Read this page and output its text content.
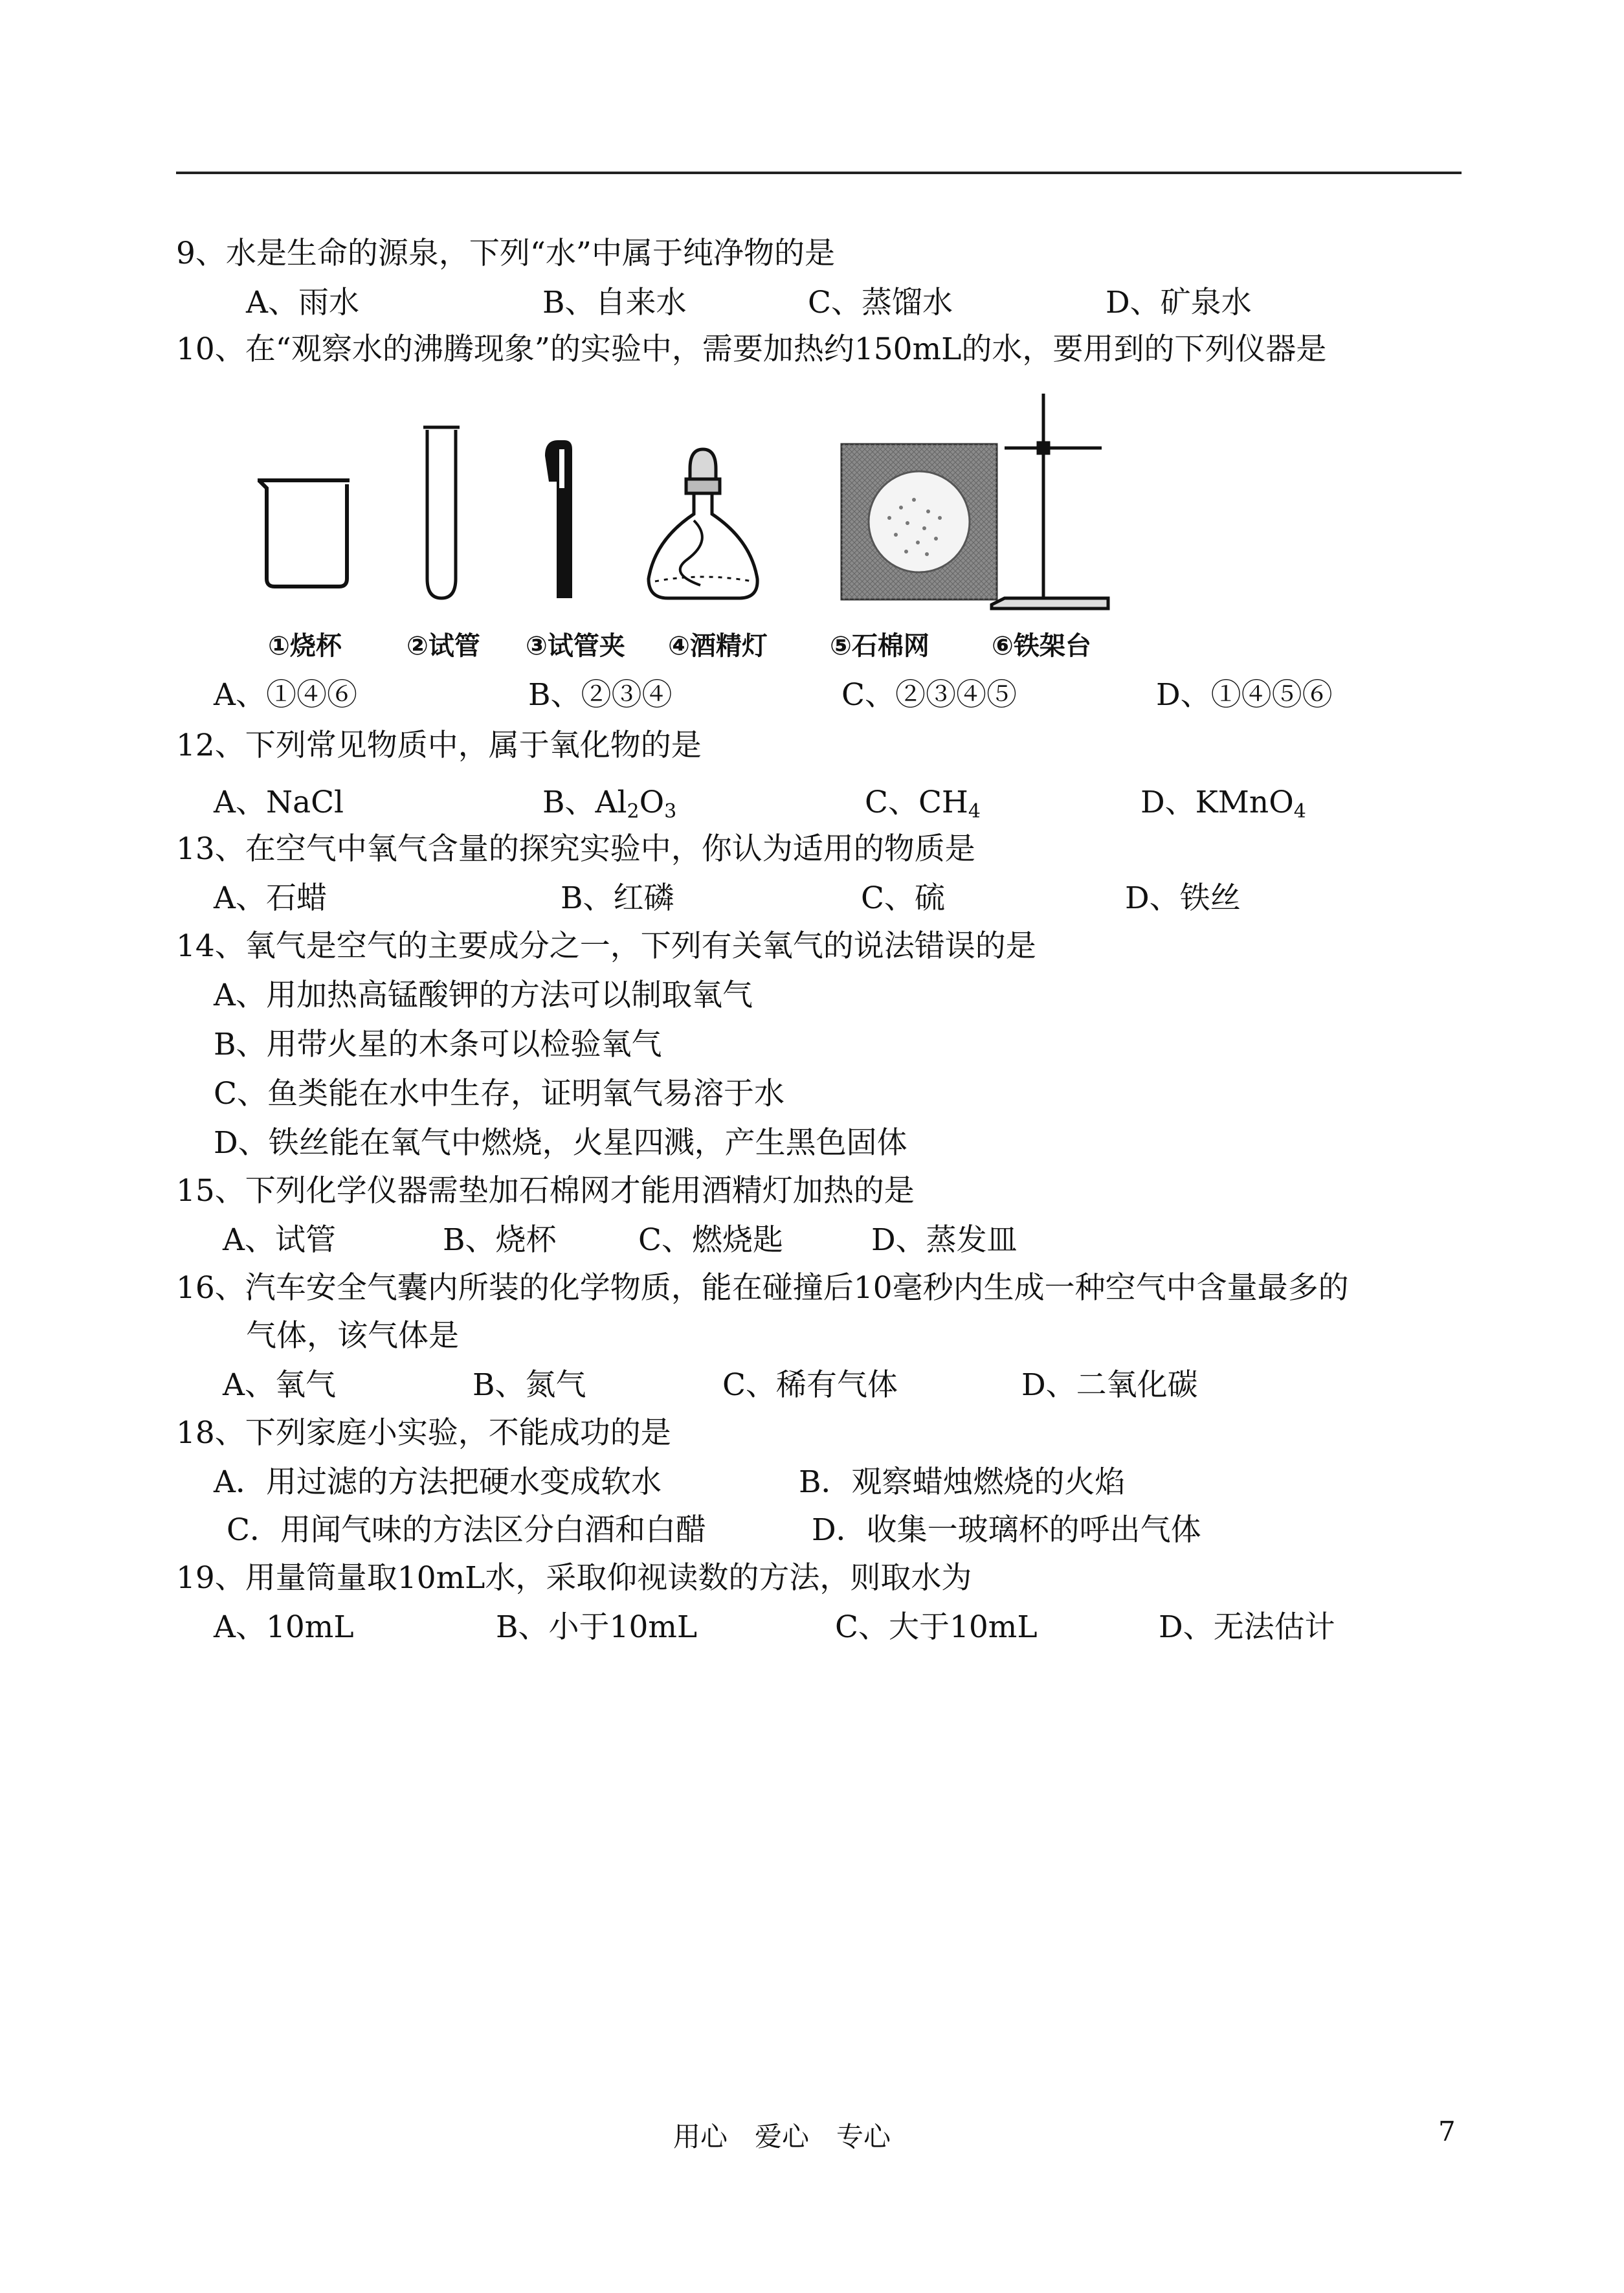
9、水是生命的源泉，下列“水”中属于纯净物的是
A、雨水	B、自来水	C、蒸馏水	D、矿泉水
10、在“观察水的沸腾现象”的实验中，需要加热约150mL的水，要用到的下列仪器是
①烧杯	②试管 ③试管夹 ④酒精灯 ⑤石棉网 ⑥铁架台
A、①④⑥	B、②③④	C、②③④⑤	D、①④⑤⑥
12、下列常见物质中，属于氧化物的是
A、NaCl	B、$Al_2O_3$	C、$CH_4$	D、KMnO$_4$
13、在空气中氧气含量的探究实验中，你认为适用的物质是
A、石蜡	B、红磷	C、硫	D、铁丝
14、氧气是空气的主要成分之一，下列有关氧气的说法错误的是
A、用加热高锰酸钾的方法可以制取氧气
B、用带火星的木条可以检验氧气
C、鱼类能在水中生存，证明氧气易溶于水
D、铁丝能在氧气中燃烧，火星四溅，产生黑色固体
15、下列化学仪器需垫加石棉网才能用酒精灯加热的是
A、试管	B、烧杯	C、燃烧匙	D、蒸发皿
16、汽车安全气囊内所装的化学物质，能在碰撞后10毫秒内生成一种空气中含量最多的
气体，该气体是
A、氧气	B、氮气	C、稀有气体	D、二氧化碳
18、下列家庭小实验，不能成功的是
A．用过滤的方法把硬水变成软水	B．观察蜡烛燃烧的火焰
C．用闻气味的方法区分白酒和白醋	D．收集一玻璃杯的呼出气体
19、用量筒量取10mL水，采取仰视读数的方法，则取水为
A、10mL	B、小于10mL	C、大于10mL	D、无法估计
用心　爱心　专心	7
